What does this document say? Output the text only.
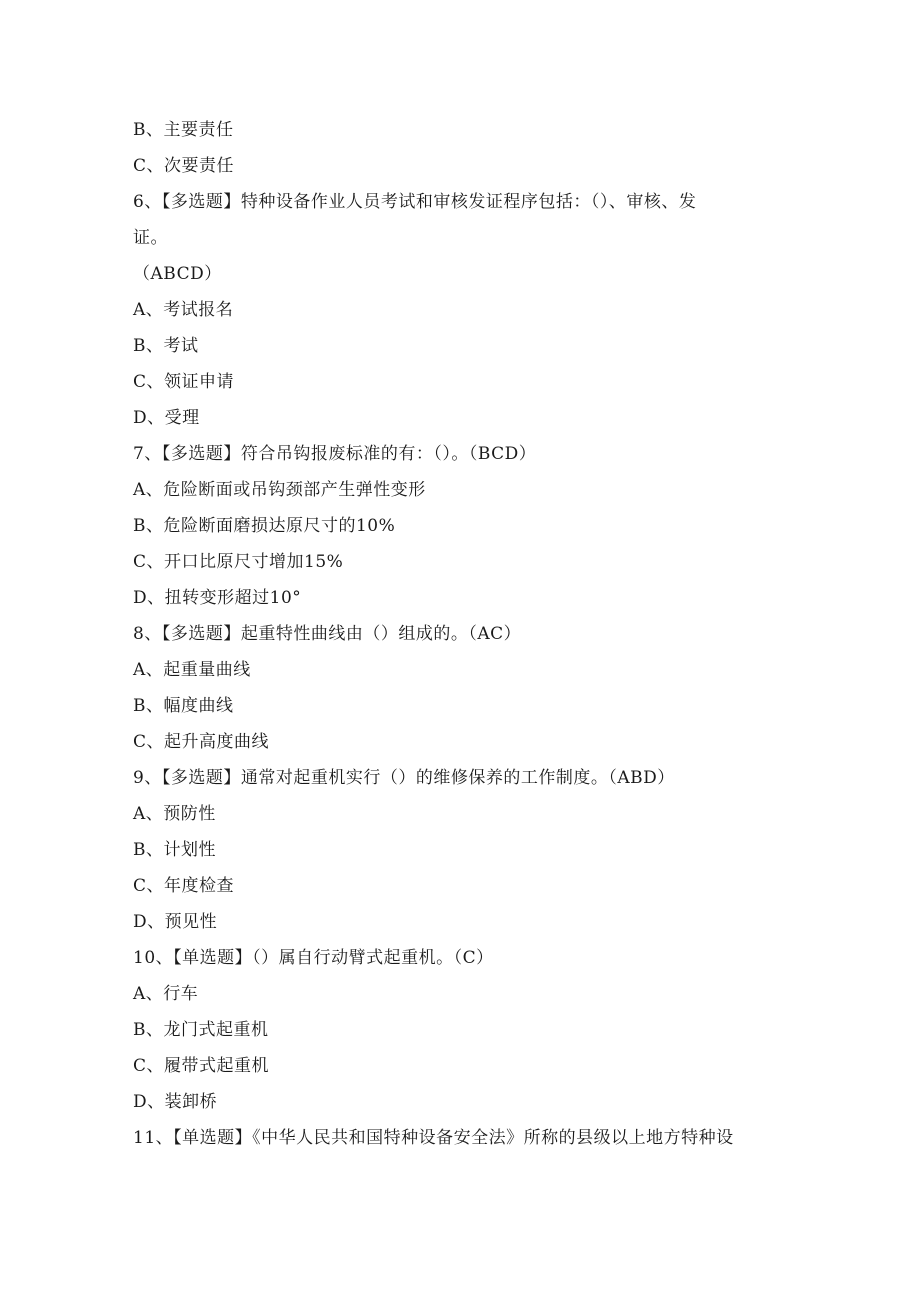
B、主要责任
C、次要责任
6、【多选题】特种设备作业人员考试和审核发证程序包括：（）、审核、发
证。
（ABCD）
A、考试报名
B、考试
C、领证申请
D、受理
7、【多选题】符合吊钩报废标准的有：（）。（BCD）
A、危险断面或吊钩颈部产生弹性变形
B、危险断面磨损达原尺寸的10%
C、开口比原尺寸增加15%
D、扭转变形超过10°
8、【多选题】起重特性曲线由（）组成的。（AC）
A、起重量曲线
B、幅度曲线
C、起升高度曲线
9、【多选题】通常对起重机实行（）的维修保养的工作制度。（ABD）
A、预防性
B、计划性
C、年度检查
D、预见性
10、【单选题】（）属自行动臂式起重机。（C）
A、行车
B、龙门式起重机
C、履带式起重机
D、装卸桥
11、【单选题】《中华人民共和国特种设备安全法》所称的县级以上地方特种设
